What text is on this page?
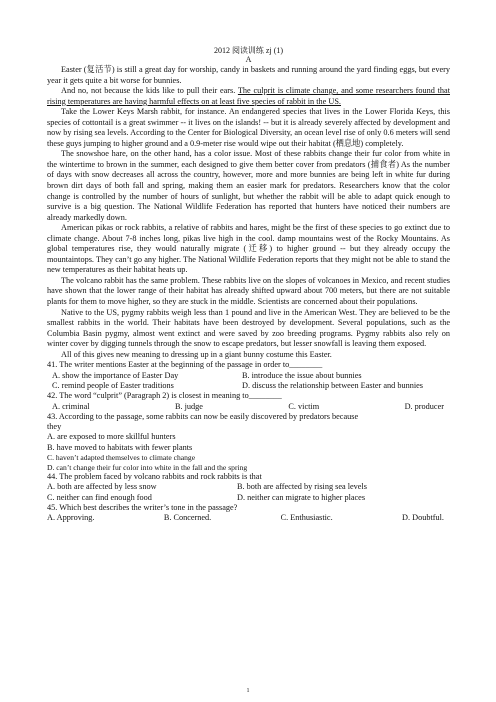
2012 阅读训练 zj (1)
A

Easter (复活节) is still a great day for worship, candy in baskets and running around the yard finding eggs, but every year it gets quite a bit worse for bunnies.

And no, not because the kids like to pull their ears. The culprit is climate change, and some researchers found that rising temperatures are having harmful effects on at least five species of rabbit in the US.

Take the Lower Keys Marsh rabbit, for instance. An endangered species that lives in the Lower Florida Keys, this species of cottontail is a great swimmer -- it lives on the islands! -- but it is already severely affected by development and now by rising sea levels. According to the Center for Biological Diversity, an ocean level rise of only 0.6 meters will send these guys jumping to higher ground and a 0.9-meter rise would wipe out their habitat (栖息地) completely.

The snowshoe hare, on the other hand, has a color issue. Most of these rabbits change their fur color from white in the wintertime to brown in the summer, each designed to give them better cover from predators (捕食者) As the number of days with snow decreases all across the country, however, more and more bunnies are being left in white fur during brown dirt days of both fall and spring, making them an easier mark for predators. Researchers know that the color change is controlled by the number of hours of sunlight, but whether the rabbit will be able to adapt quick enough to survive is a big question. The National Wildlife Federation has reported that hunters have noticed their numbers are already markedly down.

American pikas or rock rabbits, a relative of rabbits and hares, might be the first of these species to go extinct due to climate change. About 7-8 inches long, pikas live high in the cool. damp mountains west of the Rocky Mountains. As global temperatures rise, they would naturally migrate (迁移) to higher ground -- but they already occupy the mountaintops. They can’t go any higher. The National Wildlife Federation reports that they might not be able to stand the new temperatures as their habitat heats up.

The volcano rabbit has the same problem. These rabbits live on the slopes of volcanoes in Mexico, and recent studies have shown that the lower range of their habitat has already shifted upward about 700 meters, but there are not suitable plants for them to move higher, so they are stuck in the middle. Scientists are concerned about their populations.

Native to the US, pygmy rabbits weigh less than 1 pound and live in the American West. They are believed to be the smallest rabbits in the world. Their habitats have been destroyed by development. Several populations, such as the Columbia Basin pygmy, almost went extinct and were saved by zoo breeding programs. Pygmy rabbits also rely on winter cover by digging tunnels through the snow to escape predators, but lesser snowfall is leaving them exposed.

All of this gives new meaning to dressing up in a giant bunny costume this Easter.

41. The writer mentions Easter at the beginning of the passage in order to________

A. show the importance of Easter Day	B. introduce the issue about bunnies
C. remind people of Easter traditions	D. discuss the relationship between Easter and bunnies

42. The word “culprit” (Paragraph 2) is closest in meaning to________

A. criminal	B. judge	C. victim	D. producer

43. According to the passage, some rabbits can now be easily discovered by predators because

they

A. are exposed to more skillful hunters

B. have moved to habitats with fewer plants

C. haven’t adapted themselves to climate change

D. can’t change their fur color into white in the fall and the spring

44. The problem faced by volcano rabbits and rock rabbits is that

A. both are affected by less snow	B. both are affected by rising sea levels
C. neither can find enough food	D. neither can migrate to higher places

45. Which best describes the writer’s tone in the passage?

A. Approving.	B. Concerned.	C. Enthusiastic.	D. Doubtful.
1
